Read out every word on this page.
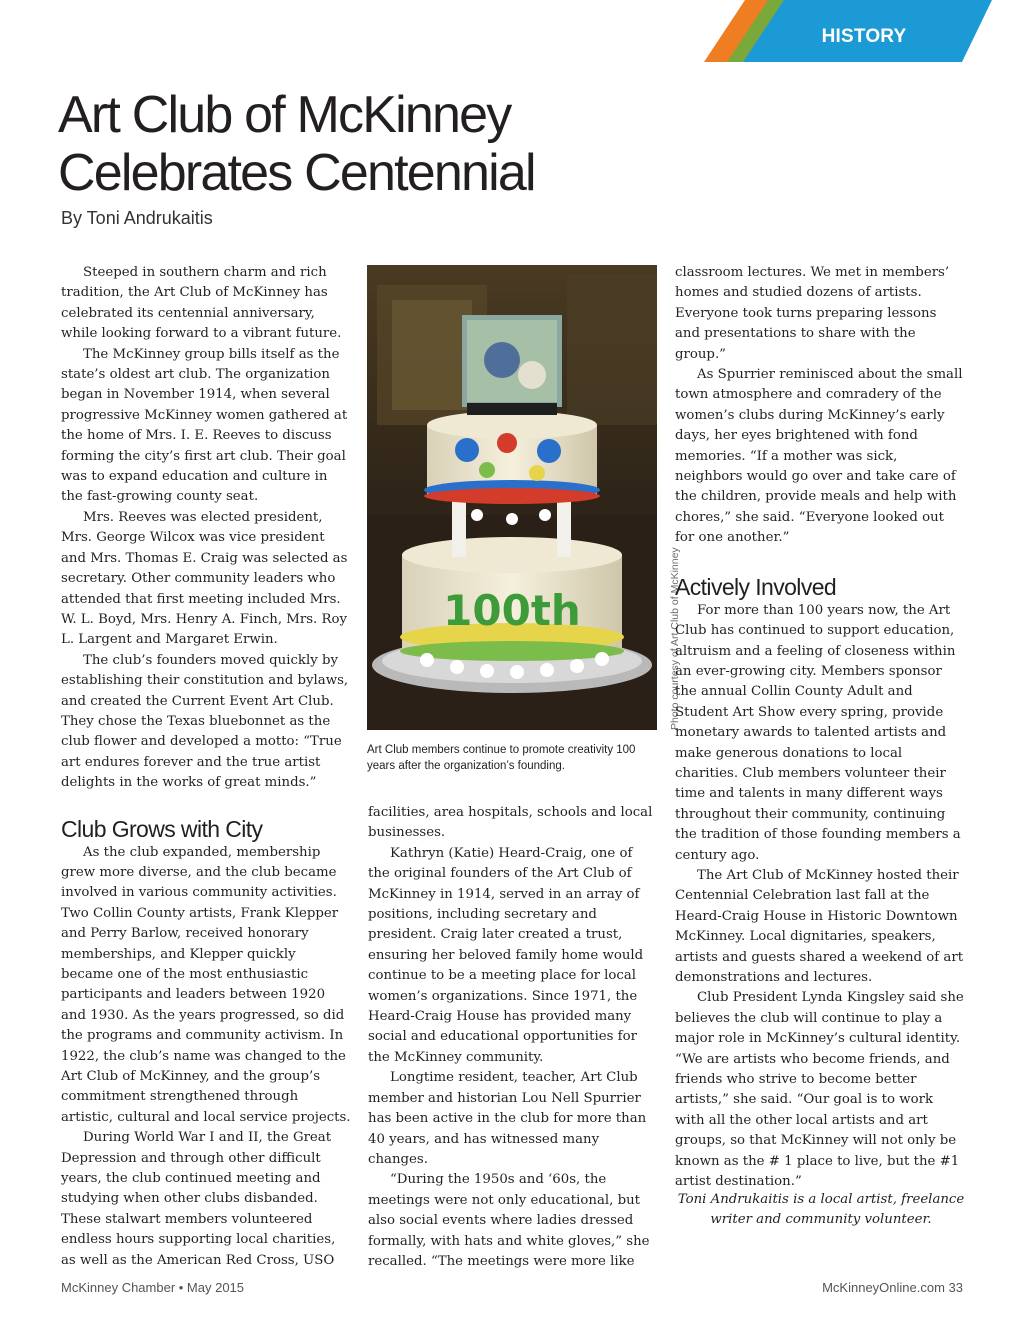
HISTORY
Art Club of McKinney
Celebrates Centennial
By Toni Andrukaitis

Steeped in southern charm and rich tradition, the Art Club of McKinney has celebrated its centennial anniversary, while looking forward to a vibrant future.

The McKinney group bills itself as the state’s oldest art club. The organization began in November 1914, when several progressive McKinney women gathered at the home of Mrs. I. E. Reeves to discuss forming the city’s first art club. Their goal was to expand education and culture in the fast-growing county seat.

Mrs. Reeves was elected president, Mrs. George Wilcox was vice president and Mrs. Thomas E. Craig was selected as secretary. Other community leaders who attended that first meeting included Mrs. W. L. Boyd, Mrs. Henry A. Finch, Mrs. Roy L. Largent and Margaret Erwin.

The club’s founders moved quickly by establishing their constitution and bylaws, and created the Current Event Art Club. They chose the Texas bluebonnet as the club flower and developed a motto: “True art endures forever and the true artist delights in the works of great minds.”

Club Grows with City

As the club expanded, membership grew more diverse, and the club became involved in various community activities. Two Collin County artists, Frank Klepper and Perry Barlow, received honorary memberships, and Klepper quickly became one of the most enthusiastic participants and leaders between 1920 and 1930. As the years progressed, so did the programs and community activism. In 1922, the club’s name was changed to the Art Club of McKinney, and the group’s commitment strengthened through artistic, cultural and local service projects.

During World War I and II, the Great Depression and through other difficult years, the club continued meeting and studying when other clubs disbanded. These stalwart members volunteered endless hours supporting local charities, as well as the American Red Cross, USO

100th	Photo courtesy of Art Club of McKinney
Art Club members continue to promote creativity 100 years after the organization’s founding.

facilities, area hospitals, schools and local businesses.

Kathryn (Katie) Heard-Craig, one of the original founders of the Art Club of McKinney in 1914, served in an array of positions, including secretary and president. Craig later created a trust, ensuring her beloved family home would continue to be a meeting place for local women’s organizations. Since 1971, the Heard-Craig House has provided many social and educational opportunities for the McKinney community.

Longtime resident, teacher, Art Club member and historian Lou Nell Spurrier has been active in the club for more than 40 years, and has witnessed many changes.

“During the 1950s and ‘60s, the meetings were not only educational, but also social events where ladies dressed formally, with hats and white gloves,” she recalled. “The meetings were more like

classroom lectures. We met in members’ homes and studied dozens of artists. Everyone took turns preparing lessons and presentations to share with the group.”

As Spurrier reminisced about the small town atmosphere and comradery of the women’s clubs during McKinney’s early days, her eyes brightened with fond memories. “If a mother was sick, neighbors would go over and take care of the children, provide meals and help with chores,” she said. “Everyone looked out for one another.”

Actively Involved

For more than 100 years now, the Art Club has continued to support education, altruism and a feeling of closeness within an ever-growing city. Members sponsor the annual Collin County Adult and Student Art Show every spring, provide monetary awards to talented artists and make generous donations to local charities. Club members volunteer their time and talents in many different ways throughout their community, continuing the tradition of those founding members a century ago.

The Art Club of McKinney hosted their Centennial Celebration last fall at the Heard-Craig House in Historic Downtown McKinney. Local dignitaries, speakers, artists and guests shared a weekend of art demonstrations and lectures.

Club President Lynda Kingsley said she believes the club will continue to play a major role in McKinney’s cultural identity. “We are artists who become friends, and friends who strive to become better artists,” she said. “Our goal is to work with all the other local artists and art groups, so that McKinney will not only be known as the # 1 place to live, but the #1 artist destination.”

Toni Andrukaitis is a local artist, freelance writer and community volunteer.
McKinney Chamber • May 2015	McKinneyOnline.com 33
